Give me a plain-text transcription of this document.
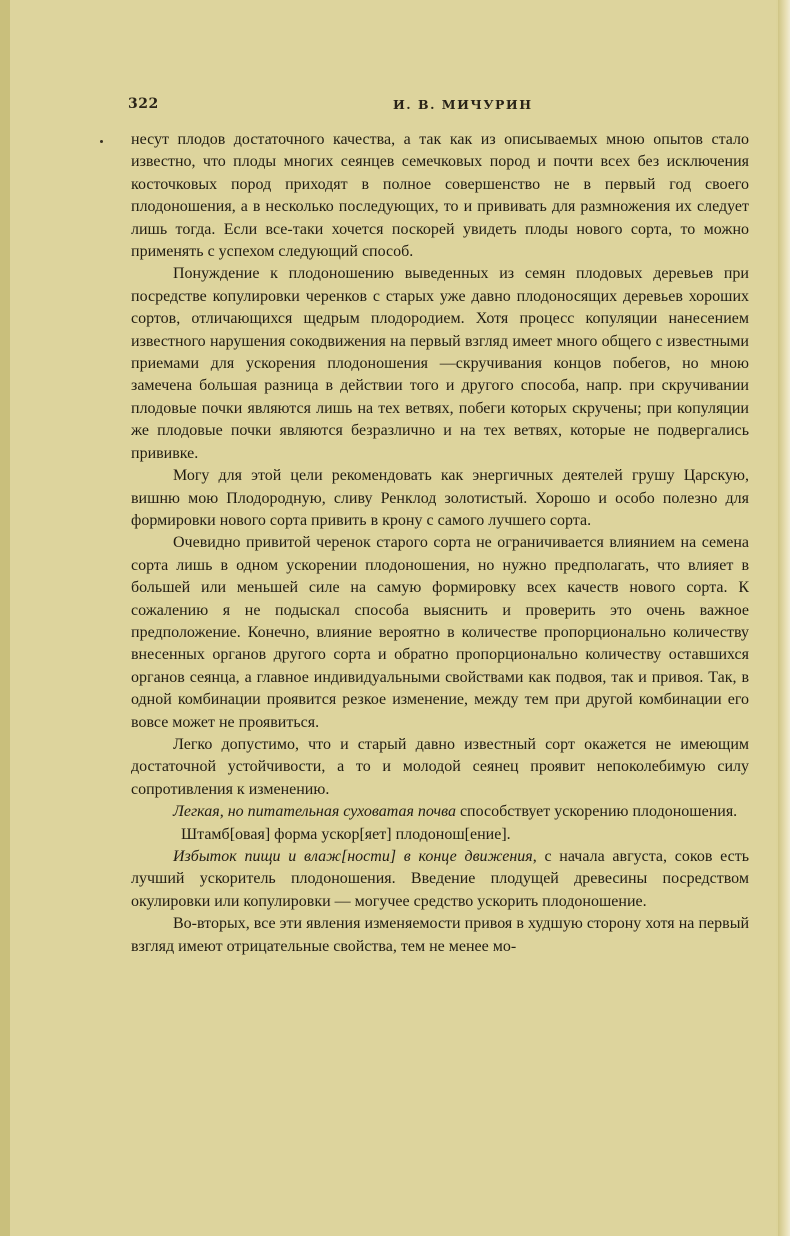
322	И. В. МИЧУРИН

несут плодов достаточного качества, а так как из описываемых мною опытов стало известно, что плоды многих сеянцев семечковых пород и почти всех без исключения косточковых пород приходят в полное совершенство не в первый год своего плодоношения, а в несколько последующих, то и прививать для размножения их следует лишь тогда. Если все-таки хочется поскорей увидеть плоды нового сорта, то можно применять с успехом следующий способ.

Понуждение к плодоношению выведенных из семян плодовых деревьев при посредстве копулировки черенков с старых уже давно плодоносящих деревьев хороших сортов, отличающихся щедрым плодородием. Хотя процесс копуляции нанесением известного нарушения сокодвижения на первый взгляд имеет много общего с известными приемами для ускорения плодоношения —скручивания концов побегов, но мною замечена большая разница в действии того и другого способа, напр. при скручивании плодовые почки являются лишь на тех ветвях, побеги которых скручены; при копуляции же плодовые почки являются безразлично и на тех ветвях, которые не подвергались прививке.

Могу для этой цели рекомендовать как энергичных деятелей грушу Царскую, вишню мою Плодородную, сливу Ренклод золотистый. Хорошо и особо полезно для формировки нового сорта привить в крону с самого лучшего сорта.

Очевидно привитой черенок старого сорта не ограничивается влиянием на семена сорта лишь в одном ускорении плодоношения, но нужно предполагать, что влияет в большей или меньшей силе на самую формировку всех качеств нового сорта. К сожалению я не подыскал способа выяснить и проверить это очень важное предположение. Конечно, влияние вероятно в количестве пропорционально количеству внесенных органов другого сорта и обратно пропорционально количеству оставшихся органов сеянца, а главное индивидуальными свойствами как подвоя, так и привоя. Так, в одной комбинации проявится резкое изменение, между тем при другой комбинации его вовсе может не проявиться.

Легко допустимо, что и старый давно известный сорт окажется не имеющим достаточной устойчивости, а то и молодой сеянец проявит непоколебимую силу сопротивления к изменению.

Легкая, но питательная суховатая почва способствует ускорению плодоношения.

Штамб[овая] форма ускор[яет] плодонош[ение].

Избыток пищи и влаж[ности] в конце движения, с начала августа, соков есть лучший ускоритель плодоношения. Введение плодущей древесины посредством окулировки или копулировки — могучее средство ускорить плодоношение.

Во-вторых, все эти явления изменяемости привоя в худшую сторону хотя на первый взгляд имеют отрицательные свойства, тем не менее мо-
